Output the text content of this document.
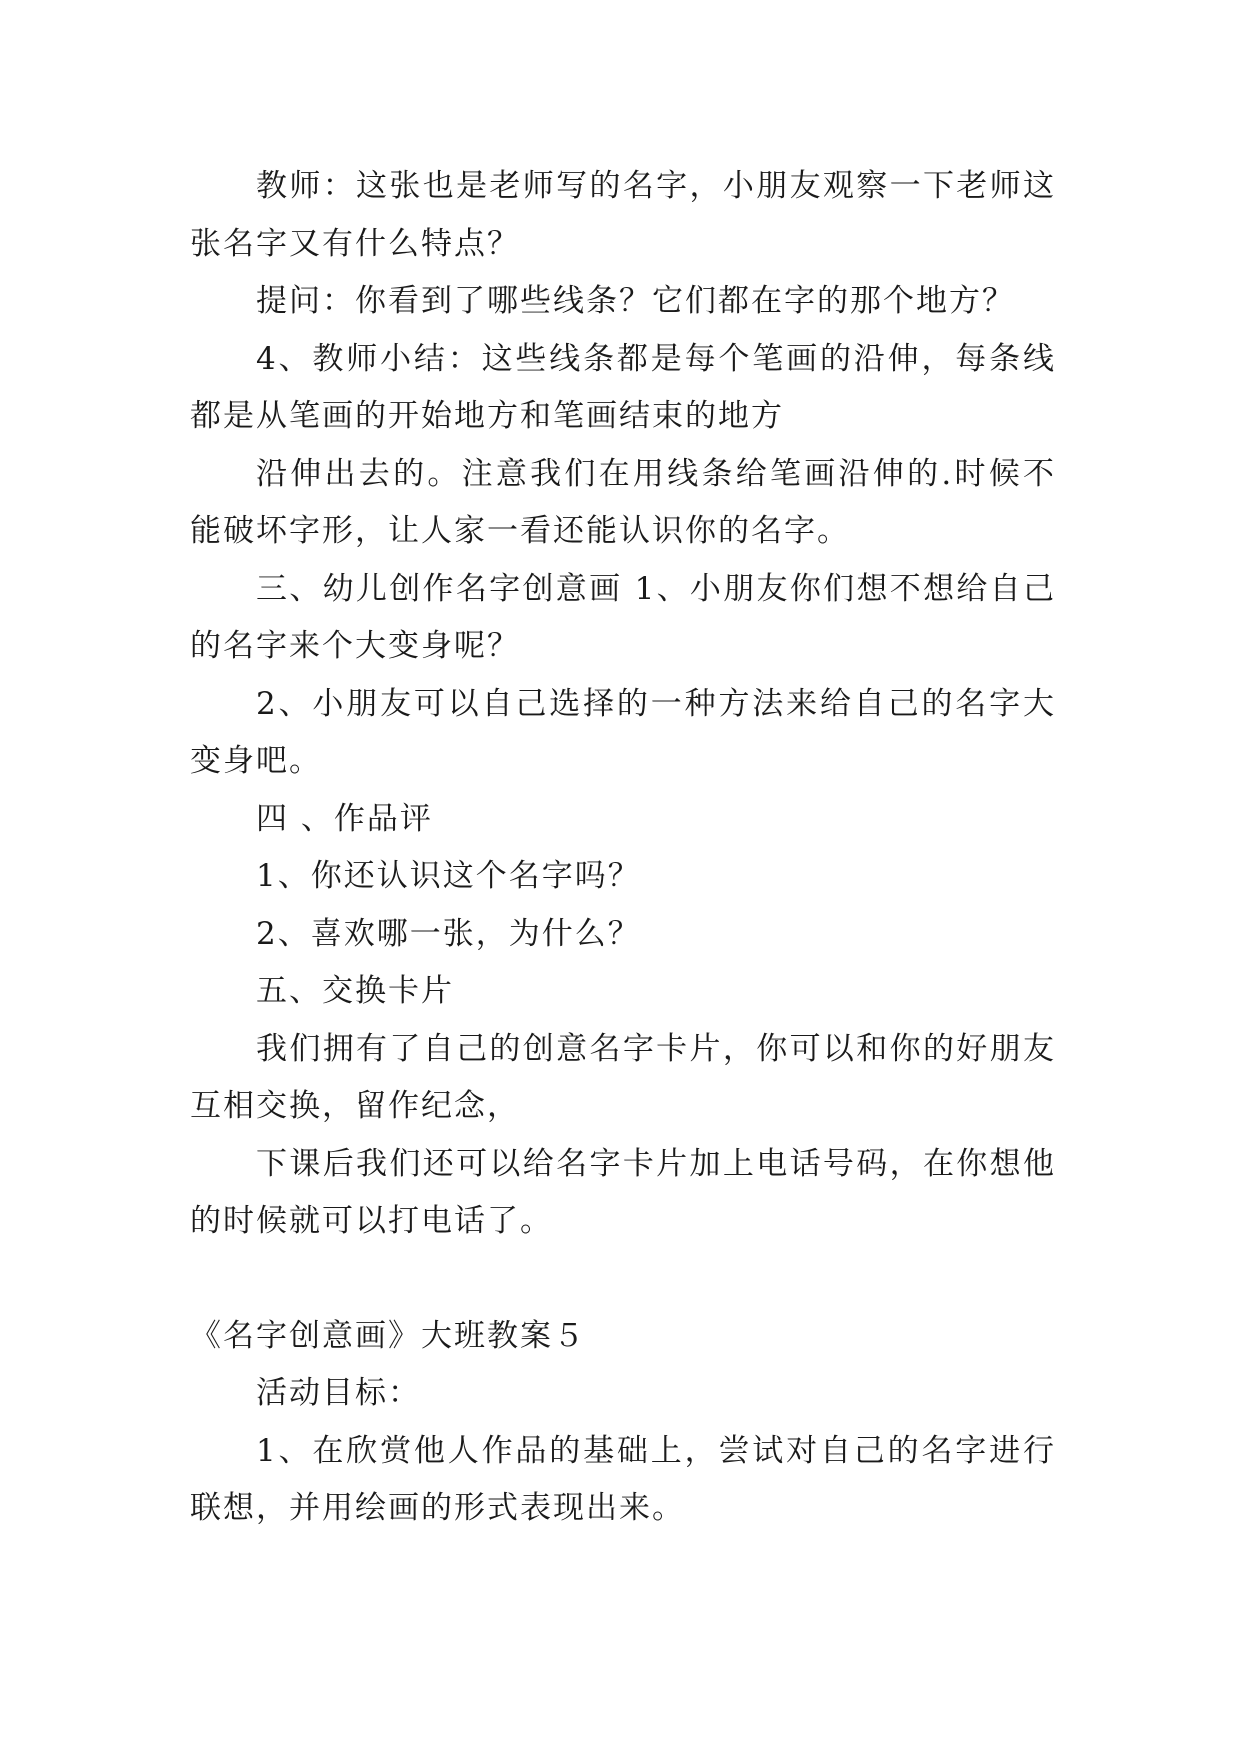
教师：这张也是老师写的名字，小朋友观察一下老师这张名字又有什么特点？

提问：你看到了哪些线条？它们都在字的那个地方？

4、教师小结：这些线条都是每个笔画的沿伸，每条线都是从笔画的开始地方和笔画结束的地方

沿伸出去的。注意我们在用线条给笔画沿伸的.时候不能破坏字形，让人家一看还能认识你的名字。

三、幼儿创作名字创意画 1、小朋友你们想不想给自己的名字来个大变身呢？

2、小朋友可以自己选择的一种方法来给自己的名字大变身吧。

四 、作品评

1、你还认识这个名字吗？

2、喜欢哪一张，为什么？

五、交换卡片

我们拥有了自己的创意名字卡片，你可以和你的好朋友互相交换，留作纪念，

下课后我们还可以给名字卡片加上电话号码，在你想他的时候就可以打电话了。

《名字创意画》大班教案５

活动目标：

1、在欣赏他人作品的基础上，尝试对自己的名字进行联想，并用绘画的形式表现出来。
